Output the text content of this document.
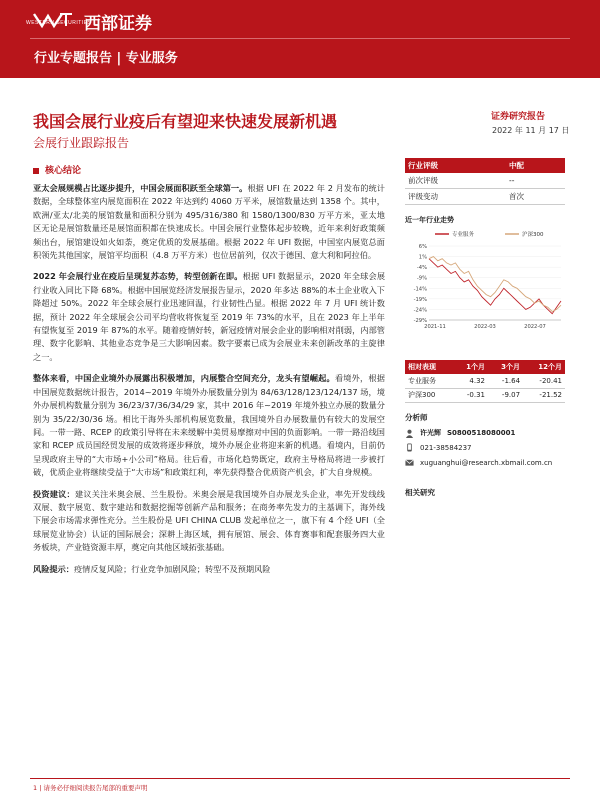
WESTERN SECURITIES
西部证券
行业专题报告 | 专业服务
我国会展行业疫后有望迎来快速发展新机遇
会展行业跟踪报告
证券研究报告
2022 年 11 月 17 日
核心结论

亚太会展规模占比逐步提升，中国会展面积跃至全球第一。根据 UFI 在 2022 年 2 月发布的统计数据，全球整体室内展览面积在 2022 年达到约 4060 万平米，展馆数量达到 1358 个。其中，欧洲/亚太/北美的展馆数量和面积分别为 495/316/380 和 1580/1300/830 万平方米，亚太地区无论是展馆数量还是展馆面积都在快速成长。中国会展行业整体起步较晚，近年来利好政策频频出台，展馆建设如火如荼，奠定优质的发展基础。根据 2022 年 UFI 数据，中国室内展览总面积领先其他国家，展馆平均面积（4.8 万平方米）也位居前列，仅次于德国、意大利和阿拉伯。

2022 年会展行业在疫后呈现复苏态势，转型创新在即。根据 UFI 数据显示，2020 年全球会展行业收入同比下降 68%。根据中国展览经济发展报告显示，2020 年多达 88%的本土企业收入下降超过 50%。2022 年全球会展行业迅速回温，行业韧性凸显。根据 2022 年 7 月 UFI 统计数据，预计 2022 年全球展会公司平均营收将恢复至 2019 年 73%的水平，且在 2023 年上半年有望恢复至 2019 年 87%的水平。随着疫情好转，新冠疫情对展会企业的影响相对削弱，内部管理、数字化影响、其他业态竞争是三大影响因素。数字要素已成为会展业未来创新改革的主旋律之一。

整体来看，中国企业境外办展露出积极增加，内展整合空间充分，龙头有望崛起。看境外，根据中国展览数据统计报告，2014~2019 年境外办展数量分别为 84/63/128/123/124/137 场，境外办展机构数量分别为 36/23/37/36/34/29 家，其中 2016 年~2019 年境外独立办展的数量分别为 35/22/30/36 场。相比于海外头部机构展览数量，我国境外自办展数量仍有较大的发展空间。一带一路、RCEP 的政策引导将在未来缓解中美贸易摩擦对中国的负面影响。一带一路沿线国家和 RCEP 成员国经贸发展的成效将逐步释放，境外办展企业将迎来新的机遇。看境内，目前仍呈现政府主导的“大市场+小公司”格局。往后看，市场化趋势既定，政府主导格局将进一步被打破，优质企业将继续受益于“大市场”和政策红利，率先获得整合优质资产机会，扩大自身规模。

投资建议：建议关注米奥会展、兰生股份。米奥会展是我国境外自办展龙头企业，率先开发线线双展、数字展览、数字建站和数据挖掘等创新产品和服务；在商务率先发力的主基调下，海外线下展会市场需求弹性充分。兰生股份是 UFI CHINA CLUB 发起单位之一，旗下有 4 个经 UFI（全球展览业协会）认证的国际展会；深耕上海区域，拥有展馆、展会、体育赛事和配套服务四大业务板块，产业链资源丰厚，奠定向其他区域拓张基础。

风险提示：疫情反复风险；行业竞争加剧风险；转型不及预期风险

行业评级	中配
前次评级	--
评级变动	首次
近一年行业走势
6%
1%
-4%
-9%
-14%
-19%
-24%
-29%
2021-11	2022-03	2022-07
专业服务	沪深300
相对表现	1个月	3个月	12个月
专业服务	4.32	-1.64	-20.41
沪深300	-0.31	-9.07	-21.52
分析师
许光辉 S0800518080001
021-38584237
xuguanghui@research.xbmail.com.cn
相关研究
1 | 请务必仔细阅读报告尾部的重要声明
